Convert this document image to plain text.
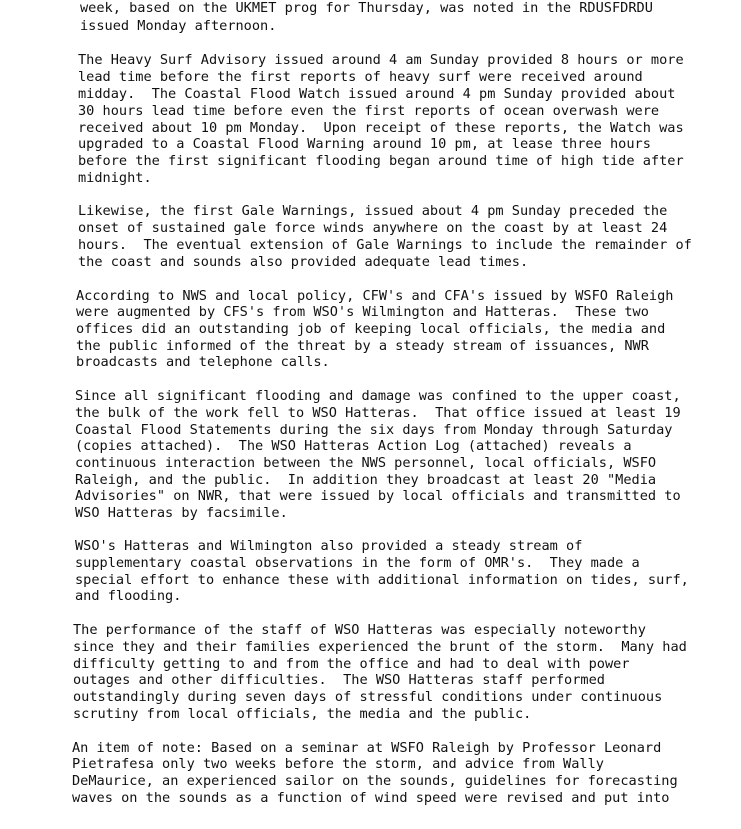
week, based on the UKMET prog for Thursday, was noted in the RDUSFDRDU

issued Monday afternoon.

The Heavy Surf Advisory issued around 4 am Sunday provided 8 hours or more

lead time before the first reports of heavy surf were received around

midday.  The Coastal Flood Watch issued around 4 pm Sunday provided about

30 hours lead time before even the first reports of ocean overwash were

received about 10 pm Monday.  Upon receipt of these reports, the Watch was

upgraded to a Coastal Flood Warning around 10 pm, at lease three hours

before the first significant flooding began around time of high tide after

midnight.

Likewise, the first Gale Warnings, issued about 4 pm Sunday preceded the

onset of sustained gale force winds anywhere on the coast by at least 24

hours.  The eventual extension of Gale Warnings to include the remainder of

the coast and sounds also provided adequate lead times.

According to NWS and local policy, CFW's and CFA's issued by WSFO Raleigh

were augmented by CFS's from WSO's Wilmington and Hatteras.  These two

offices did an outstanding job of keeping local officials, the media and

the public informed of the threat by a steady stream of issuances, NWR

broadcasts and telephone calls.

Since all significant flooding and damage was confined to the upper coast,

the bulk of the work fell to WSO Hatteras.  That office issued at least 19

Coastal Flood Statements during the six days from Monday through Saturday

(copies attached).  The WSO Hatteras Action Log (attached) reveals a

continuous interaction between the NWS personnel, local officials, WSFO

Raleigh, and the public.  In addition they broadcast at least 20 "Media

Advisories" on NWR, that were issued by local officials and transmitted to

WSO Hatteras by facsimile.

WSO's Hatteras and Wilmington also provided a steady stream of

supplementary coastal observations in the form of OMR's.  They made a

special effort to enhance these with additional information on tides, surf,

and flooding.

The performance of the staff of WSO Hatteras was especially noteworthy

since they and their families experienced the brunt of the storm.  Many had

difficulty getting to and from the office and had to deal with power

outages and other difficulties.  The WSO Hatteras staff performed

outstandingly during seven days of stressful conditions under continuous

scrutiny from local officials, the media and the public.

An item of note: Based on a seminar at WSFO Raleigh by Professor Leonard

Pietrafesa only two weeks before the storm, and advice from Wally

DeMaurice, an experienced sailor on the sounds, guidelines for forecasting

waves on the sounds as a function of wind speed were revised and put into
